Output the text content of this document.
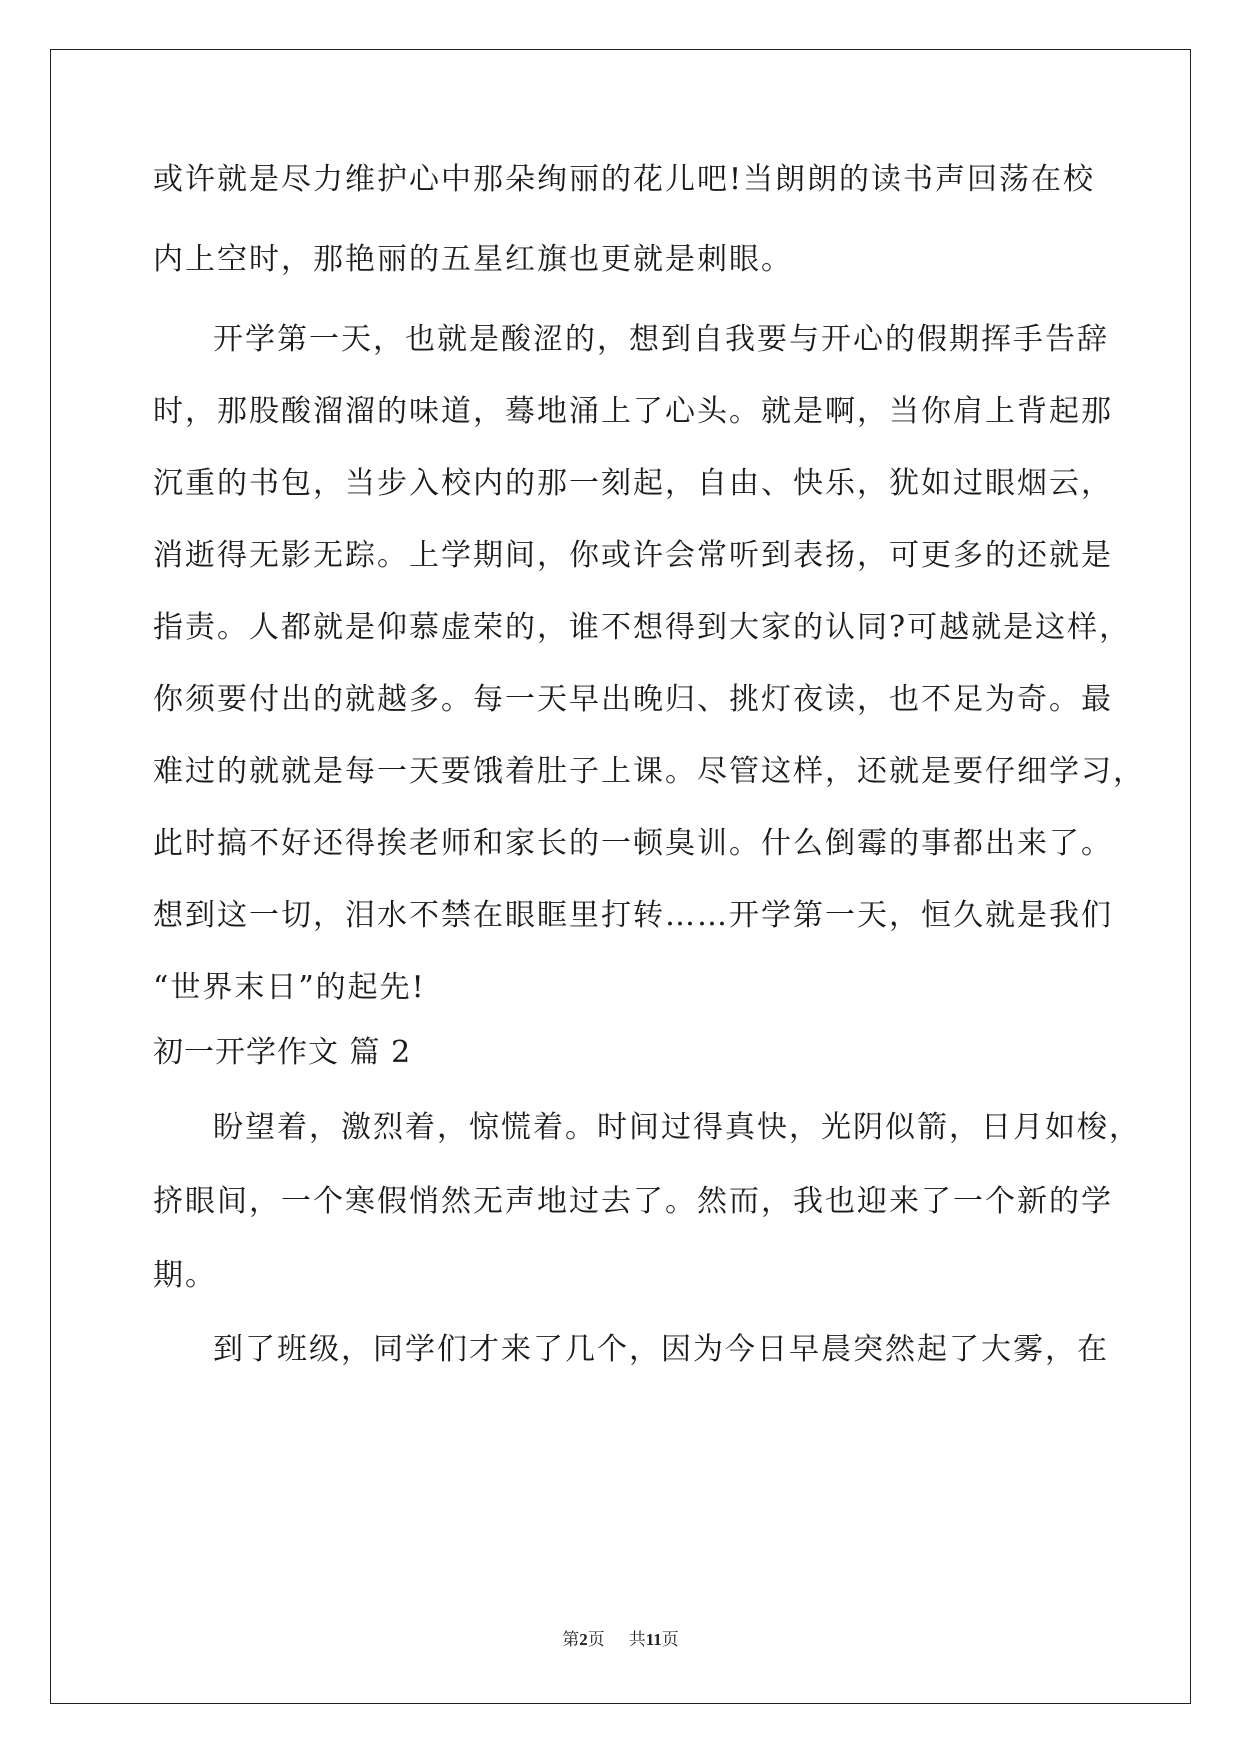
或许就是尽力维护心中那朵绚丽的花儿吧!当朗朗的读书声回荡在校
内上空时，那艳丽的五星红旗也更就是刺眼。
开学第一天，也就是酸涩的，想到自我要与开心的假期挥手告辞
时，那股酸溜溜的味道，蓦地涌上了心头。就是啊，当你肩上背起那
沉重的书包，当步入校内的那一刻起，自由、快乐，犹如过眼烟云，
消逝得无影无踪。上学期间，你或许会常听到表扬，可更多的还就是
指责。人都就是仰慕虚荣的，谁不想得到大家的认同?可越就是这样，
你须要付出的就越多。每一天早出晚归、挑灯夜读，也不足为奇。最
难过的就就是每一天要饿着肚子上课。尽管这样，还就是要仔细学习，
此时搞不好还得挨老师和家长的一顿臭训。什么倒霉的事都出来了。
想到这一切，泪水不禁在眼眶里打转……开学第一天，恒久就是我们
“世界末日”的起先!
初一开学作文 篇 2
盼望着，激烈着，惊慌着。时间过得真快，光阴似箭，日月如梭，
挤眼间，一个寒假悄然无声地过去了。然而，我也迎来了一个新的学
期。
到了班级，同学们才来了几个，因为今日早晨突然起了大雾，在
第2页 共11页
